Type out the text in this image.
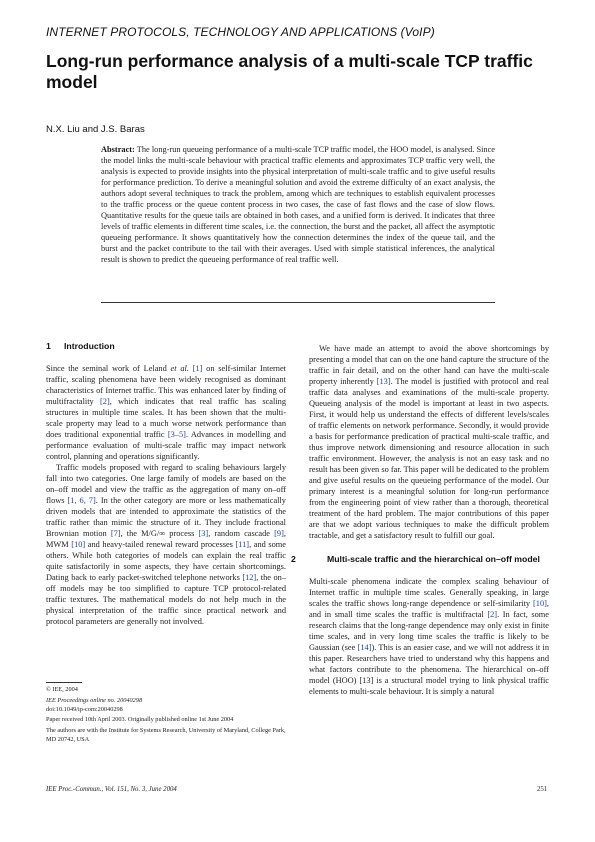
INTERNET PROTOCOLS, TECHNOLOGY AND APPLICATIONS (VoIP)
Long-run performance analysis of a multi-scale TCP traffic model
N.X. Liu and J.S. Baras
Abstract: The long-run queueing performance of a multi-scale TCP traffic model, the HOO model, is analysed. Since the model links the multi-scale behaviour with practical traffic elements and approximates TCP traffic very well, the analysis is expected to provide insights into the physical interpretation of multi-scale traffic and to give useful results for performance prediction. To derive a meaningful solution and avoid the extreme difficulty of an exact analysis, the authors adopt several techniques to track the problem, among which are techniques to establish equivalent processes to the traffic process or the queue content process in two cases, the case of fast flows and the case of slow flows. Quantitative results for the queue tails are obtained in both cases, and a unified form is derived. It indicates that three levels of traffic elements in different time scales, i.e. the connection, the burst and the packet, all affect the asymptotic queueing performance. It shows quantitatively how the connection determines the index of the queue tail, and the burst and the packet contribute to the tail with their averages. Used with simple statistical inferences, the analytical result is shown to predict the queueing performance of real traffic well.
1 Introduction

Since the seminal work of Leland et al. [1] on self-similar Internet traffic, scaling phenomena have been widely recognised as dominant characteristics of Internet traffic. This was enhanced later by finding of multifractality [2], which indicates that real traffic has scaling structures in multiple time scales. It has been shown that the multi-scale property may lead to a much worse network performance than does traditional exponential traffic [3–5]. Advances in modelling and performance evaluation of multi-scale traffic may impact network control, planning and operations significantly.

Traffic models proposed with regard to scaling behaviours largely fall into two categories. One large family of models are based on the on–off model and view the traffic as the aggregation of many on–off flows [1, 6, 7]. In the other category are more or less mathematically driven models that are intended to approximate the statistics of the traffic rather than mimic the structure of it. They include fractional Brownian motion [7], the M/G/∞ process [3], random cascade [9], MWM [10] and heavy-tailed renewal reward processes [11], and some others. While both categories of models can explain the real traffic quite satisfactorily in some aspects, they have certain shortcomings. Dating back to early packet-switched telephone networks [12], the on–off models may be too simplified to capture TCP protocol-related traffic textures. The mathematical models do not help much in the physical interpretation of the traffic since practical network and protocol parameters are generally not involved.

We have made an attempt to avoid the above shortcomings by presenting a model that can on the one hand capture the structure of the traffic in fair detail, and on the other hand can have the multi-scale property inherently [13]. The model is justified with protocol and real traffic data analyses and examinations of the multi-scale property. Queueing analysis of the model is important at least in two aspects. First, it would help us understand the effects of different levels/scales of traffic elements on network performance. Secondly, it would provide a basis for performance predication of practical multi-scale traffic, and thus improve network dimensioning and resource allocation in such traffic environment. However, the analysis is not an easy task and no result has been given so far. This paper will be dedicated to the problem and give useful results on the queueing performance of the model. Our primary interest is a meaningful solution for long-run performance from the engineering point of view rather than a thorough, theoretical treatment of the hard problem. The major contributions of this paper are that we adopt various techniques to make the difficult problem tractable, and get a satisfactory result to fulfill our goal.

2	Multi-scale traffic and the hierarchical on–off model

Multi-scale phenomena indicate the complex scaling behaviour of Internet traffic in multiple time scales. Generally speaking, in large scales the traffic shows long-range dependence or self-similarity [10], and in small time scales the traffic is multifractal [2]. In fact, some research claims that the long-range dependence may only exist in finite time scales, and in very long time scales the traffic is likely to be Gaussian (see [14]). This is an easier case, and we will not address it in this paper. Researchers have tried to understand why this happens and what factors contribute to the phenomena. The hierarchical on–off model (HOO) [13] is a structural model trying to link physical traffic elements to multi-scale behaviour. It is simply a natural

© IEE, 2004
IEE Proceedings online no. 20040298
doi:10.1049/ip-com:20040298
Paper received 10th April 2003. Originally published online 1st June 2004
The authors are with the Institute for Systems Research, University of Maryland, College Park, MD 20742, USA
IEE Proc.-Commun., Vol. 151, No. 3, June 2004	251
